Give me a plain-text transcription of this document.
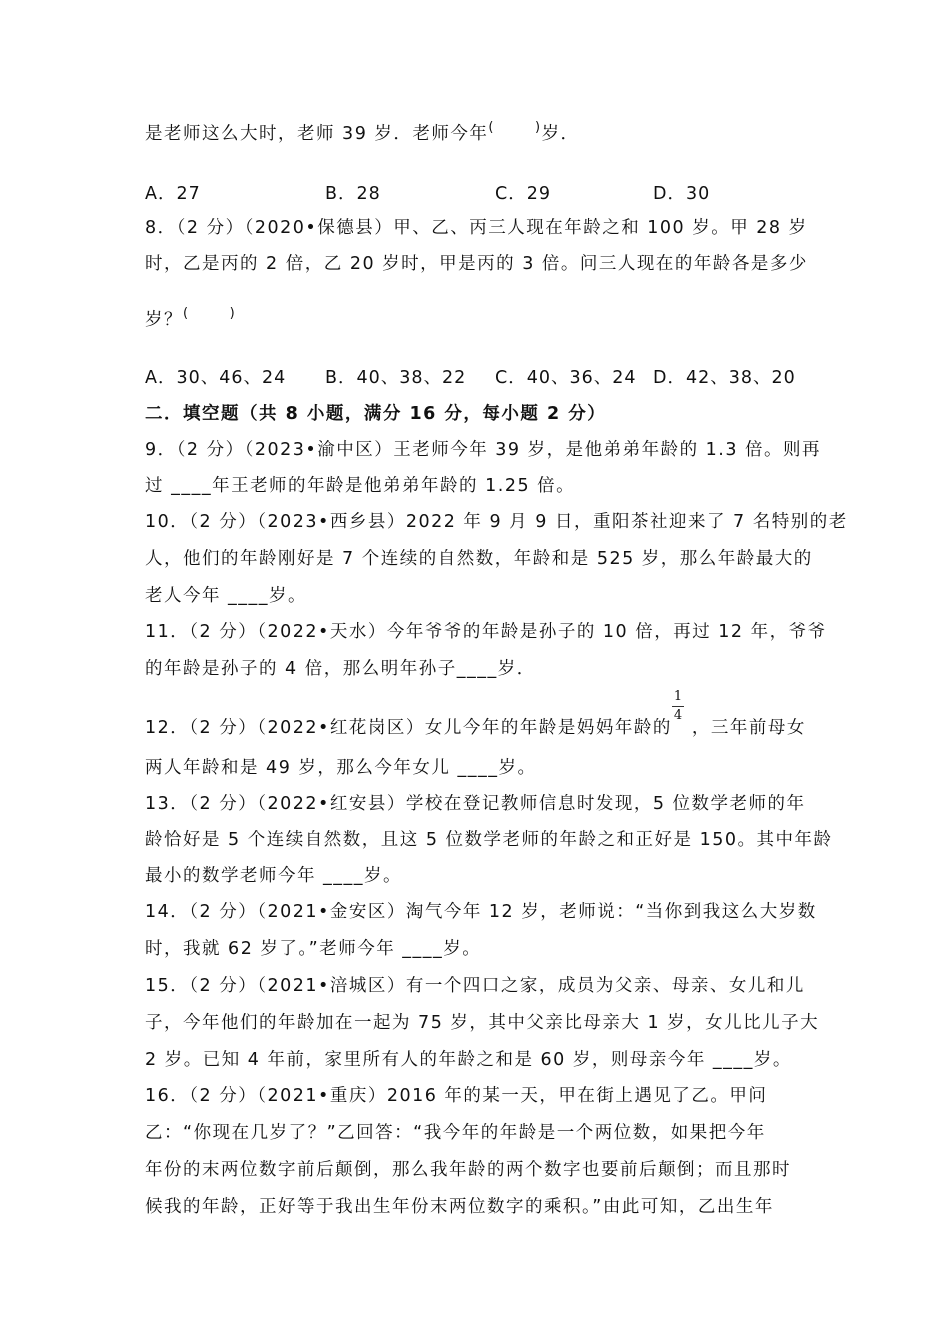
是老师这么大时，老师 39 岁．老师今年(	)岁．
A．27	B．28	C．29	D．30
8．（2 分）（2020•保德县）甲、乙、丙三人现在年龄之和 100 岁。甲 28 岁
时，乙是丙的 2 倍，乙 20 岁时，甲是丙的 3 倍。问三人现在的年龄各是多少
岁？(	)
A．30、46、24 B．40、38、22 C．40、36、24 D．42、38、20
二．填空题（共 8 小题，满分 16 分，每小题 2 分）
9．（2 分）（2023•渝中区）王老师今年 39 岁，是他弟弟年龄的 1.3 倍。则再
过 ____年王老师的年龄是他弟弟年龄的 1.25 倍。
10．（2 分）（2023•西乡县）2022 年 9 月 9 日，重阳茶社迎来了 7 名特别的老
人，他们的年龄刚好是 7 个连续的自然数，年龄和是 525 岁，那么年龄最大的
老人今年 ____岁。
11．（2 分）（2022•天水）今年爷爷的年龄是孙子的 10 倍，再过 12 年，爷爷
的年龄是孙子的 4 倍，那么明年孙子____岁．
12．（2 分）（2022•红花岗区）女儿今年的年龄是妈妈年龄的 ，三年前母女
1
4
两人年龄和是 49 岁，那么今年女儿 ____岁。
13．（2 分）（2022•红安县）学校在登记教师信息时发现，5 位数学老师的年
龄恰好是 5 个连续自然数，且这 5 位数学老师的年龄之和正好是 150。其中年龄
最小的数学老师今年 ____岁。
14．（2 分）（2021•金安区）淘气今年 12 岁，老师说：“当你到我这么大岁数
时，我就 62 岁了。”老师今年 ____岁。
15．（2 分）（2021•涪城区）有一个四口之家，成员为父亲、母亲、女儿和儿
子，今年他们的年龄加在一起为 75 岁，其中父亲比母亲大 1 岁，女儿比儿子大
2 岁。已知 4 年前，家里所有人的年龄之和是 60 岁，则母亲今年 ____岁。
16．（2 分）（2021•重庆）2016 年的某一天，甲在街上遇见了乙。甲问
乙：“你现在几岁了？”乙回答：“我今年的年龄是一个两位数，如果把今年
年份的末两位数字前后颠倒，那么我年龄的两个数字也要前后颠倒；而且那时
候我的年龄，正好等于我出生年份末两位数字的乘积。”由此可知，乙出生年
